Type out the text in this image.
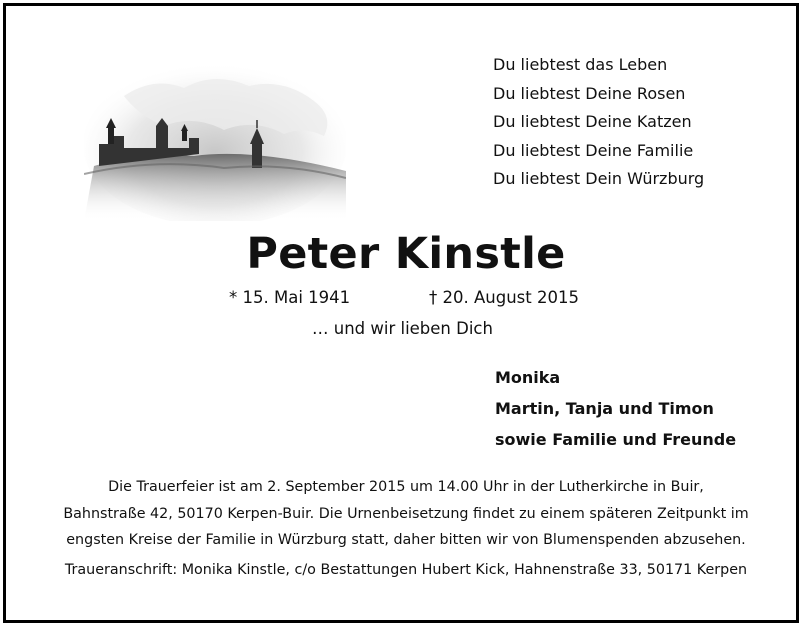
Du liebtest das Leben
Du liebtest Deine Rosen
Du liebtest Deine Katzen
Du liebtest Deine Familie
Du liebtest Dein Würzburg
Peter Kinstle
* 15. Mai 1941	† 20. August 2015
… und wir lieben Dich
Monika
Martin, Tanja und Timon
sowie Familie und Freunde
Die Trauerfeier ist am 2. September 2015 um 14.00 Uhr in der Lutherkirche in Buir,
Bahnstraße 42, 50170 Kerpen-Buir. Die Urnenbeisetzung findet zu einem späteren Zeitpunkt im
engsten Kreise der Familie in Würzburg statt, daher bitten wir von Blumenspenden abzusehen.
Traueranschrift: Monika Kinstle, c/o Bestattungen Hubert Kick, Hahnenstraße 33, 50171 Kerpen
